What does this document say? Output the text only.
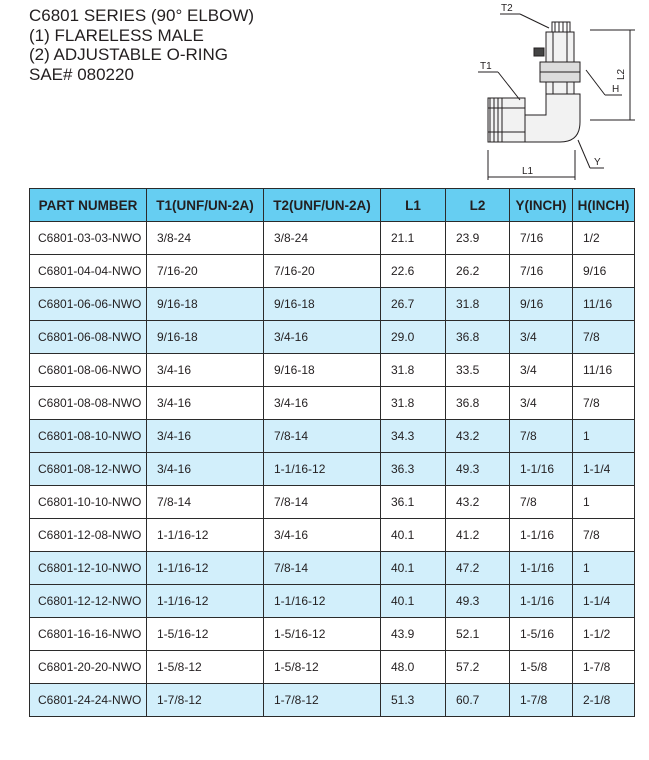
C6801 SERIES (90° ELBOW)
(1) FLARELESS MALE
(2) ADJUSTABLE O-RING
SAE# 080220
T2
T1
H
L1
Y
L2
PART NUMBER	T1(UNF/UN-2A)	T2(UNF/UN-2A)	L1	L2	Y(INCH)	H(INCH)
C6801-03-03-NWO	3/8-24	3/8-24	21.1	23.9	7/16	1/2
C6801-04-04-NWO	7/16-20	7/16-20	22.6	26.2	7/16	9/16
C6801-06-06-NWO	9/16-18	9/16-18	26.7	31.8	9/16	11/16
C6801-06-08-NWO	9/16-18	3/4-16	29.0	36.8	3/4	7/8
C6801-08-06-NWO	3/4-16	9/16-18	31.8	33.5	3/4	11/16
C6801-08-08-NWO	3/4-16	3/4-16	31.8	36.8	3/4	7/8
C6801-08-10-NWO	3/4-16	7/8-14	34.3	43.2	7/8	1
C6801-08-12-NWO	3/4-16	1-1/16-12	36.3	49.3	1-1/16	1-1/4
C6801-10-10-NWO	7/8-14	7/8-14	36.1	43.2	7/8	1
C6801-12-08-NWO	1-1/16-12	3/4-16	40.1	41.2	1-1/16	7/8
C6801-12-10-NWO	1-1/16-12	7/8-14	40.1	47.2	1-1/16	1
C6801-12-12-NWO	1-1/16-12	1-1/16-12	40.1	49.3	1-1/16	1-1/4
C6801-16-16-NWO	1-5/16-12	1-5/16-12	43.9	52.1	1-5/16	1-1/2
C6801-20-20-NWO	1-5/8-12	1-5/8-12	48.0	57.2	1-5/8	1-7/8
C6801-24-24-NWO	1-7/8-12	1-7/8-12	51.3	60.7	1-7/8	2-1/8
